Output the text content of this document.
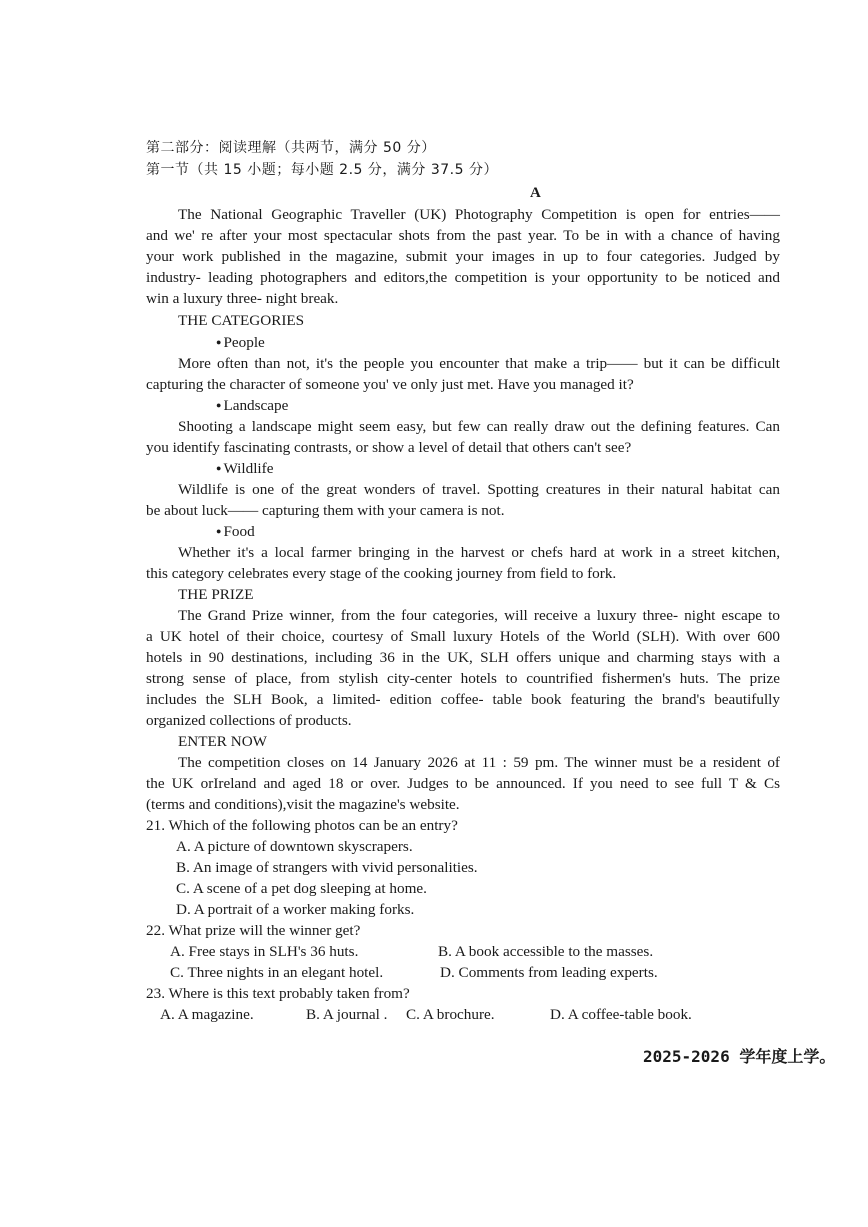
第二部分：阅读理解（共两节，满分 50 分）

第一节（共 15 小题；每小题 2.5 分，满分 37.5 分）

A

The National Geographic Traveller (UK) Photography Competition is open for entries——

and we' re after your most spectacular shots from the past year. To be in with a chance of having

your work published in the magazine, submit your images in up to four categories. Judged by

industry- leading photographers and editors,the competition is your opportunity to be noticed and

win a luxury three- night break.

THE CATEGORIES

● People

More often than not, it's the people you encounter that make a trip—— but it can be difficult

capturing the character of someone you' ve only just met. Have you managed it?

● Landscape

Shooting a landscape might seem easy, but few can really draw out the defining features. Can

you identify fascinating contrasts, or show a level of detail that others can't see?

● Wildlife

Wildlife is one of the great wonders of travel. Spotting creatures in their natural habitat can

be about luck—— capturing them with your camera is not.

● Food

Whether it's a local farmer bringing in the harvest or chefs hard at work in a street kitchen,

this category celebrates every stage of the cooking journey from field to fork.

THE PRIZE

The Grand Prize winner, from the four categories, will receive a luxury three- night escape to

a UK hotel of their choice, courtesy of Small luxury Hotels of the World (SLH). With over 600

hotels in 90 destinations, including 36 in the UK, SLH offers unique and charming stays with a

strong sense of place, from stylish city-center hotels to countrified fishermen's huts. The prize

includes the SLH Book, a limited- edition coffee- table book featuring the brand's beautifully

organized collections of products.

ENTER NOW

The competition closes on 14 January 2026 at 11 : 59 pm. The winner must be a resident of

the UK orIreland and aged 18 or over. Judges to be announced. If you need to see full T & Cs

(terms and conditions),visit the magazine's website.

21. Which of the following photos can be an entry?

A. A picture of downtown skyscrapers.

B. An image of strangers with vivid personalities.

C. A scene of a pet dog sleeping at home.

D. A portrait of a worker making forks.

22. What prize will the winner get?

A. Free stays in SLH's 36 huts.	B. A book accessible to the masses.

C. Three nights in an elegant hotel.	D. Comments from leading experts.

23. Where is this text probably taken from?

A. A magazine.	B. A journal . C. A brochure.	D. A coffee-table book.

2025-2026 学年度上学。
